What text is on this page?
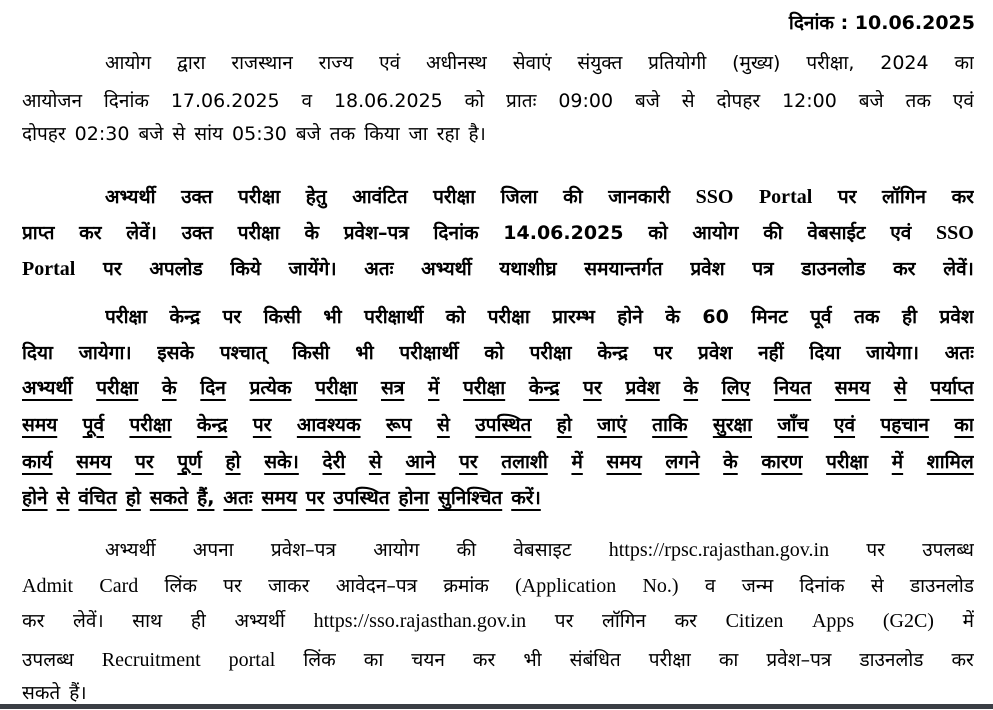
दिनांक : 10.06.2025
आयोग द्वारा राजस्थान राज्य एवं अधीनस्थ सेवाएं संयुक्त प्रतियोगी (मुख्य) परीक्षा, 2024 का
आयोजन दिनांक 17.06.2025 व 18.06.2025 को प्रातः 09:00 बजे से दोपहर 12:00 बजे तक एवं
दोपहर 02:30 बजे से सांय 05:30 बजे तक किया जा रहा है।
अभ्यर्थी उक्त परीक्षा हेतु आवंटित परीक्षा जिला की जानकारी SSO Portal पर लॉगिन कर
प्राप्त कर लेवें। उक्त परीक्षा के प्रवेश–पत्र दिनांक 14.06.2025 को आयोग की वेबसाईट एवं SSO
Portal पर अपलोड किये जायेंगे। अतः अभ्यर्थी यथाशीघ्र समयान्तर्गत प्रवेश पत्र डाउनलोड कर लेवें।
परीक्षा केन्द्र पर किसी भी परीक्षार्थी को परीक्षा प्रारम्भ होने के 60 मिनट पूर्व तक ही प्रवेश
दिया जायेगा। इसके पश्चात् किसी भी परीक्षार्थी को परीक्षा केन्द्र पर प्रवेश नहीं दिया जायेगा। अतः
अभ्यर्थी परीक्षा के दिन प्रत्येक परीक्षा सत्र में परीक्षा केन्द्र पर प्रवेश के लिए नियत समय से पर्याप्त
समय पूर्व परीक्षा केन्द्र पर आवश्यक रूप से उपस्थित हो जाएं ताकि सुरक्षा जाँच एवं पहचान का
कार्य समय पर पूर्ण हो सके। देरी से आने पर तलाशी में समय लगने के कारण परीक्षा में शामिल
होने से वंचित हो सकते हैं, अतः समय पर उपस्थित होना सुनिश्चित करें।
अभ्यर्थी अपना प्रवेश–पत्र आयोग की वेबसाइट https://rpsc.rajasthan.gov.in पर उपलब्ध
Admit Card लिंक पर जाकर आवेदन–पत्र क्रमांक (Application No.) व जन्म दिनांक से डाउनलोड
कर लेवें। साथ ही अभ्यर्थी https://sso.rajasthan.gov.in पर लॉगिन कर Citizen Apps (G2C) में
उपलब्ध Recruitment portal लिंक का चयन कर भी संबंधित परीक्षा का प्रवेश–पत्र डाउनलोड कर
सकते हैं।
